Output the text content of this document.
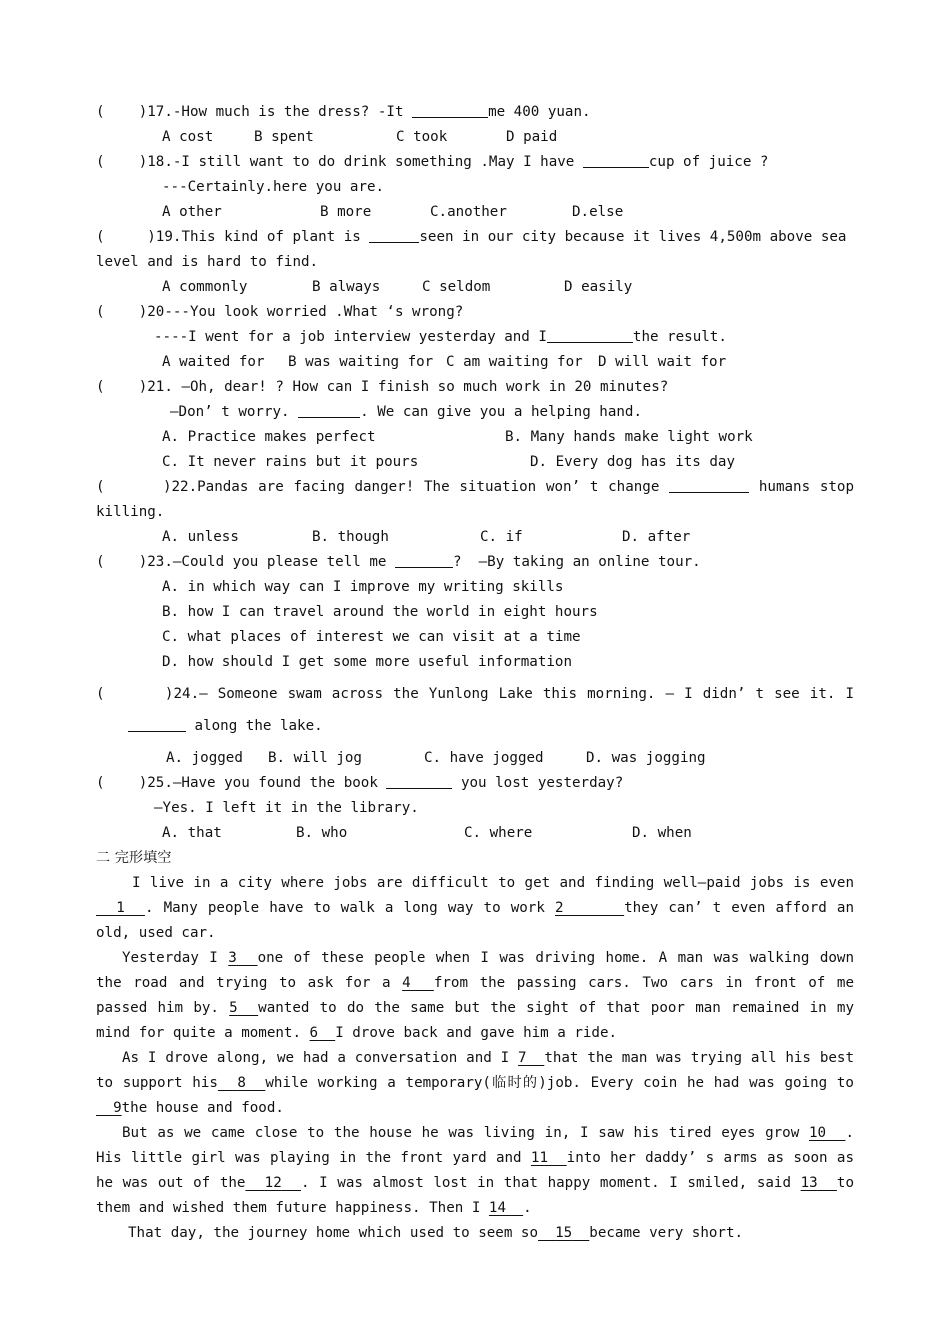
(    )17.-How much is the dress? -It	me 400 yuan.
A cost	B spent	C took	D paid
(    )18.-I still want to do drink something .May I have	cup of juice ?
---Certainly.here you are.
A other	B more	C.another	D.else
(     )19.This kind of plant is	seen in our city because it lives 4,500m above sea
level and is hard to find.
A commonly	B always	C seldom	D easily
(    )20---You look worried .What ‘s wrong?
----I went for a job interview yesterday and I	the result.
A waited for B was waiting for C am waiting for D will wait for
(    )21. —Oh, dear! ? How can I finish so much work in 20 minutes?
—Don’ t worry.	. We can give you a helping hand.
A. Practice makes perfect	B. Many hands make light work
C. It never rains but it pours	D. Every dog has its day
(      )22.Pandas are facing danger! The situation won’ t change	humans stop
killing.
A. unless	B. though	C. if	D. after
(    )23.—Could you please tell me	?  —By taking an online tour.
A. in which way can I improve my writing skills
B. how I can travel around the world in eight hours
C. what places of interest we can visit at a time
D. how should I get some more useful information
(      )24.— Someone swam across the Yunlong Lake this morning. — I didn’ t see it. I
along the lake.
A. jogged B. will jog	C. have jogged	D. was jogging
(    )25.—Have you found the book	you lost yesterday?
—Yes. I left it in the library.
A. that	B. who	C. where	D. when
二 完形填空
I live in a city where jobs are difficult to get and finding well—paid jobs is even  1 . Many people have to walk a long way to work 2	they can’ t even afford an old, used car.
Yesterday I 3 one of these people when I was driving home. A man was walking down the road and trying to ask for a 4 from the passing cars. Two cars in front of me passed him by. 5 wanted to do the same but the sight of that poor man remained in my mind for quite a moment. 6 I drove back and gave him a ride.
As I drove along, we had a conversation and I 7 that the man was trying all his best to support his 8 while working a temporary(临时的)job. Every coin he had was going to  9the house and food.
But as we came close to the house he was living in, I saw his tired eyes grow 10 . His little girl was playing in the front yard and 11 into her daddy’ s arms as soon as he was out of the 12 . I was almost lost in that happy moment. I smiled, said 13 to them and wished them future happiness. Then I 14 .
That day, the journey home which used to seem so 15 became very short.
